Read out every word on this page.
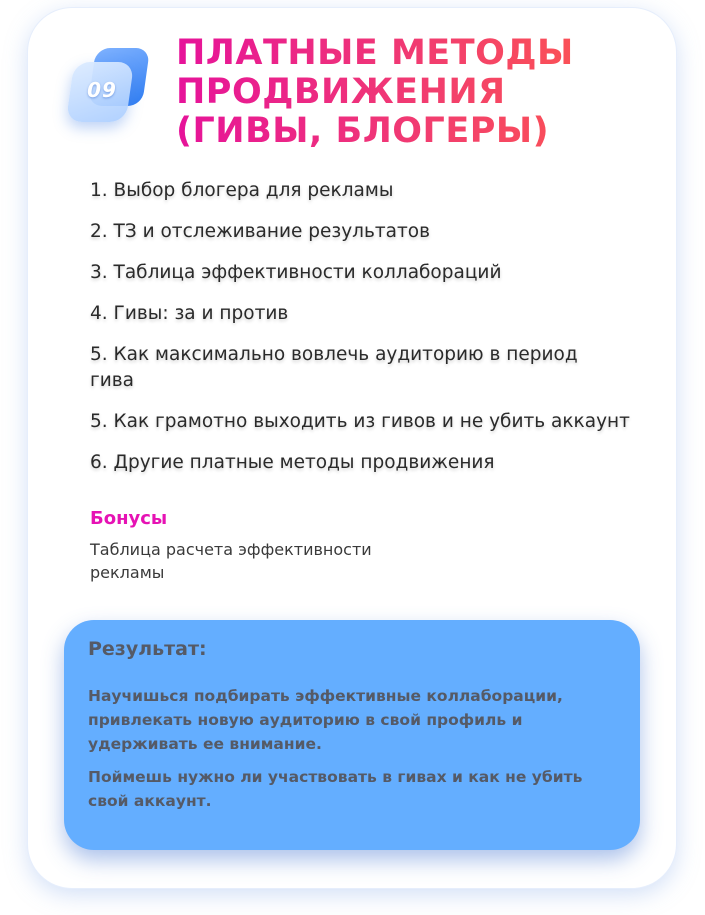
09
ПЛАТНЫЕ МЕТОДЫ
ПРОДВИЖЕНИЯ
(ГИВЫ, БЛОГЕРЫ)
1. Выбор блогера для рекламы
2. ТЗ и отслеживание результатов
3. Таблица эффективности коллабораций
4. Гивы: за и против
5. Как максимально вовлечь аудиторию в период гива
5. Как грамотно выходить из гивов и не убить аккаунт
6. Другие платные методы продвижения
Бонусы

Таблица расчета эффективности рекламы

Результат:

Научишься подбирать эффективные коллаборации, привлекать новую аудиторию в свой профиль и удерживать ее внимание.

Поймешь нужно ли участвовать в гивах и как не убить свой аккаунт.
